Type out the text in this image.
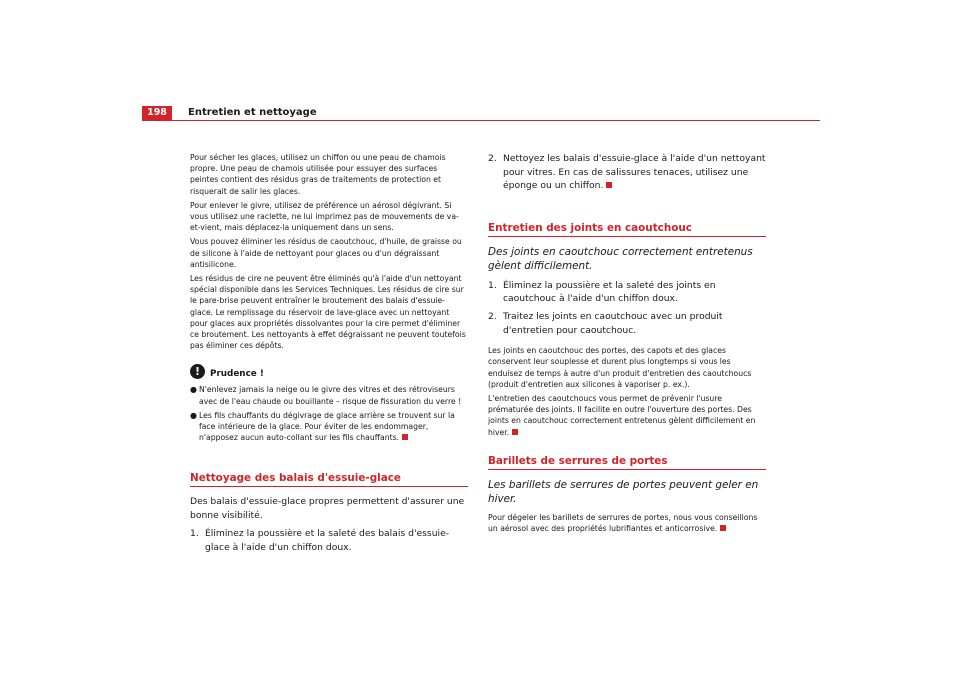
198	Entretien et nettoyage

Pour sécher les glaces, utilisez un chiffon ou une peau de chamois propre. Une peau de chamois utilisée pour essuyer des surfaces peintes contient des résidus gras de traitements de protection et risquerait de salir les glaces.

Pour enlever le givre, utilisez de préférence un aérosol dégivrant. Si vous utilisez une raclette, ne lui imprimez pas de mouvements de va-et-vient, mais déplacez-la uniquement dans un sens.

Vous pouvez éliminer les résidus de caoutchouc, d'huile, de graisse ou de silicone à l'aide de nettoyant pour glaces ou d'un dégraissant antisilicone.

Les résidus de cire ne peuvent être éliminés qu'à l'aide d'un nettoyant spécial disponible dans les Services Techniques. Les résidus de cire sur le pare-brise peuvent entraîner le broutement des balais d'essuie-glace. Le remplissage du réservoir de lave-glace avec un nettoyant pour glaces aux propriétés dissolvantes pour la cire permet d'éliminer ce broutement. Les nettoyants à effet dégraissant ne peuvent toutefois pas éliminer ces dépôts.

!	Prudence !
● N'enlevez jamais la neige ou le givre des vitres et des rétroviseurs avec de l'eau chaude ou bouillante – risque de fissuration du verre !
● Les fils chauffants du dégivrage de glace arrière se trouvent sur la face intérieure de la glace. Pour éviter de les endommager, n'apposez aucun auto-collant sur les fils chauffants.
Nettoyage des balais d'essuie-glace

Des balais d'essuie-glace propres permettent d'assurer une bonne visibilité.

1. Éliminez la poussière et la saleté des balais d'essuie-glace à l'aide d'un chiffon doux.
2. Nettoyez les balais d'essuie-glace à l'aide d'un nettoyant pour vitres. En cas de salissures tenaces, utilisez une éponge ou un chiffon.
Entretien des joints en caoutchouc

Des joints en caoutchouc correctement entretenus gèlent difficilement.

1. Éliminez la poussière et la saleté des joints en caoutchouc à l'aide d'un chiffon doux.
2. Traitez les joints en caoutchouc avec un produit d'entretien pour caoutchouc.

Les joints en caoutchouc des portes, des capots et des glaces conservent leur souplesse et durent plus longtemps si vous les enduisez de temps à autre d'un produit d'entretien des caoutchoucs (produit d'entretien aux silicones à vaporiser p. ex.).

L'entretien des caoutchoucs vous permet de prévenir l'usure prématurée des joints. Il facilite en outre l'ouverture des portes. Des joints en caoutchouc correctement entretenus gèlent difficilement en hiver.

Barillets de serrures de portes

Les barillets de serrures de portes peuvent geler en hiver.

Pour dégeler les barillets de serrures de portes, nous vous conseillons un aérosol avec des propriétés lubrifiantes et anticorrosive.
